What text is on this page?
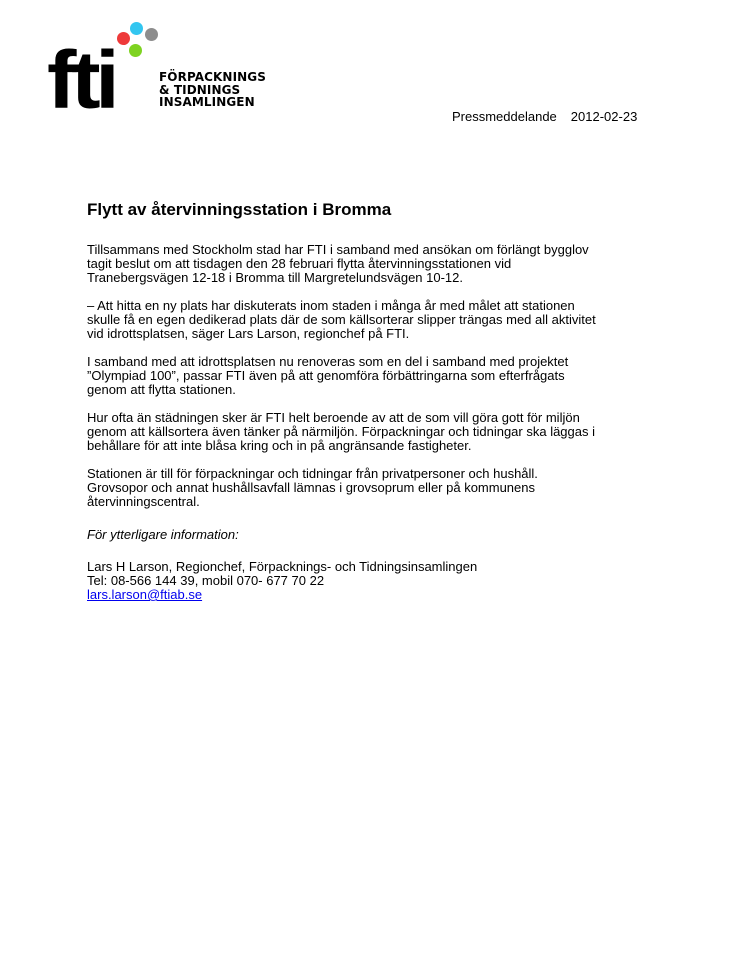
fti	FÖRPACKNINGS
& TIDNINGS
INSAMLINGEN
Pressmeddelande 2012-02-23
Flytt av återvinningsstation i Bromma

Tillsammans med Stockholm stad har FTI i samband med ansökan om förlängt bygglov
tagit beslut om att tisdagen den 28 februari flytta återvinningsstationen vid
Tranebergsvägen 12-18 i Bromma till Margretelundsvägen 10-12.

– Att hitta en ny plats har diskuterats inom staden i många år med målet att stationen
skulle få en egen dedikerad plats där de som källsorterar slipper trängas med all aktivitet
vid idrottsplatsen, säger Lars Larson, regionchef på FTI.

I samband med att idrottsplatsen nu renoveras som en del i samband med projektet
”Olympiad 100”, passar FTI även på att genomföra förbättringarna som efterfrågats
genom att flytta stationen.

Hur ofta än städningen sker är FTI helt beroende av att de som vill göra gott för miljön
genom att källsortera även tänker på närmiljön. Förpackningar och tidningar ska läggas i
behållare för att inte blåsa kring och in på angränsande fastigheter.

Stationen är till för förpackningar och tidningar från privatpersoner och hushåll.
Grovsopor och annat hushållsavfall lämnas i grovsoprum eller på kommunens
återvinningscentral.

För ytterligare information:

Lars H Larson, Regionchef, Förpacknings- och Tidningsinsamlingen
Tel: 08-566 144 39, mobil 070- 677 70 22
lars.larson@ftiab.se
